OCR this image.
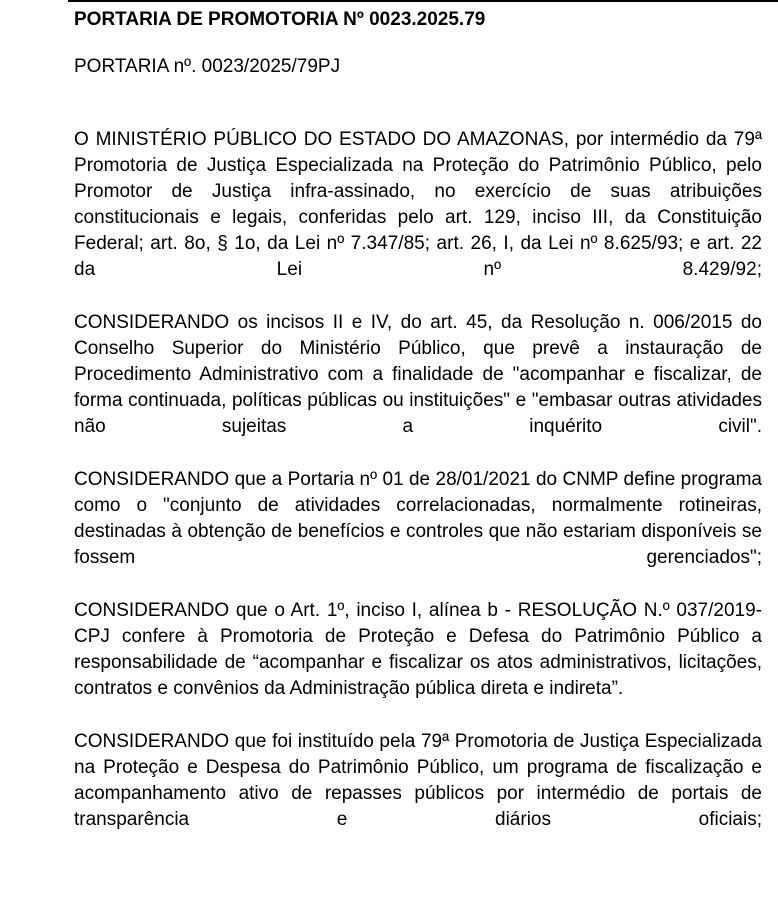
PORTARIA DE PROMOTORIA Nº 0023.2025.79

PORTARIA nº. 0023/2025/79PJ

O MINISTÉRIO PÚBLICO DO ESTADO DO AMAZONAS, por intermédio da 79ª Promotoria de Justiça Especializada na Proteção do Patrimônio Público, pelo Promotor de Justiça infra-assinado, no exercício de suas atribuições constitucionais e legais, conferidas pelo art. 129, inciso III, da Constituição Federal; art. 8o, § 1o, da Lei nº 7.347/85; art. 26, I, da Lei nº 8.625/93; e art. 22 da Lei nº 8.429/92;

CONSIDERANDO os incisos II e IV, do art. 45, da Resolução n. 006/2015 do Conselho Superior do Ministério Público, que prevê a instauração de Procedimento Administrativo com a finalidade de "acompanhar e fiscalizar, de forma continuada, políticas públicas ou instituições" e "embasar outras atividades não sujeitas a inquérito civil".

CONSIDERANDO que a Portaria nº 01 de 28/01/2021 do CNMP define programa como o "conjunto de atividades correlacionadas, normalmente rotineiras, destinadas à obtenção de benefícios e controles que não estariam disponíveis se fossem gerenciados";

CONSIDERANDO que o Art. 1º, inciso I, alínea b - RESOLUÇÃO N.º 037/2019-CPJ confere à Promotoria de Proteção e Defesa do Patrimônio Público a responsabilidade de “acompanhar e fiscalizar os atos administrativos, licitações, contratos e convênios da Administração pública direta e indireta”.

CONSIDERANDO que foi instituído pela 79ª Promotoria de Justiça Especializada na Proteção e Despesa do Patrimônio Público, um programa de fiscalização e acompanhamento ativo de repasses públicos por intermédio de portais de transparência e diários oficiais;
